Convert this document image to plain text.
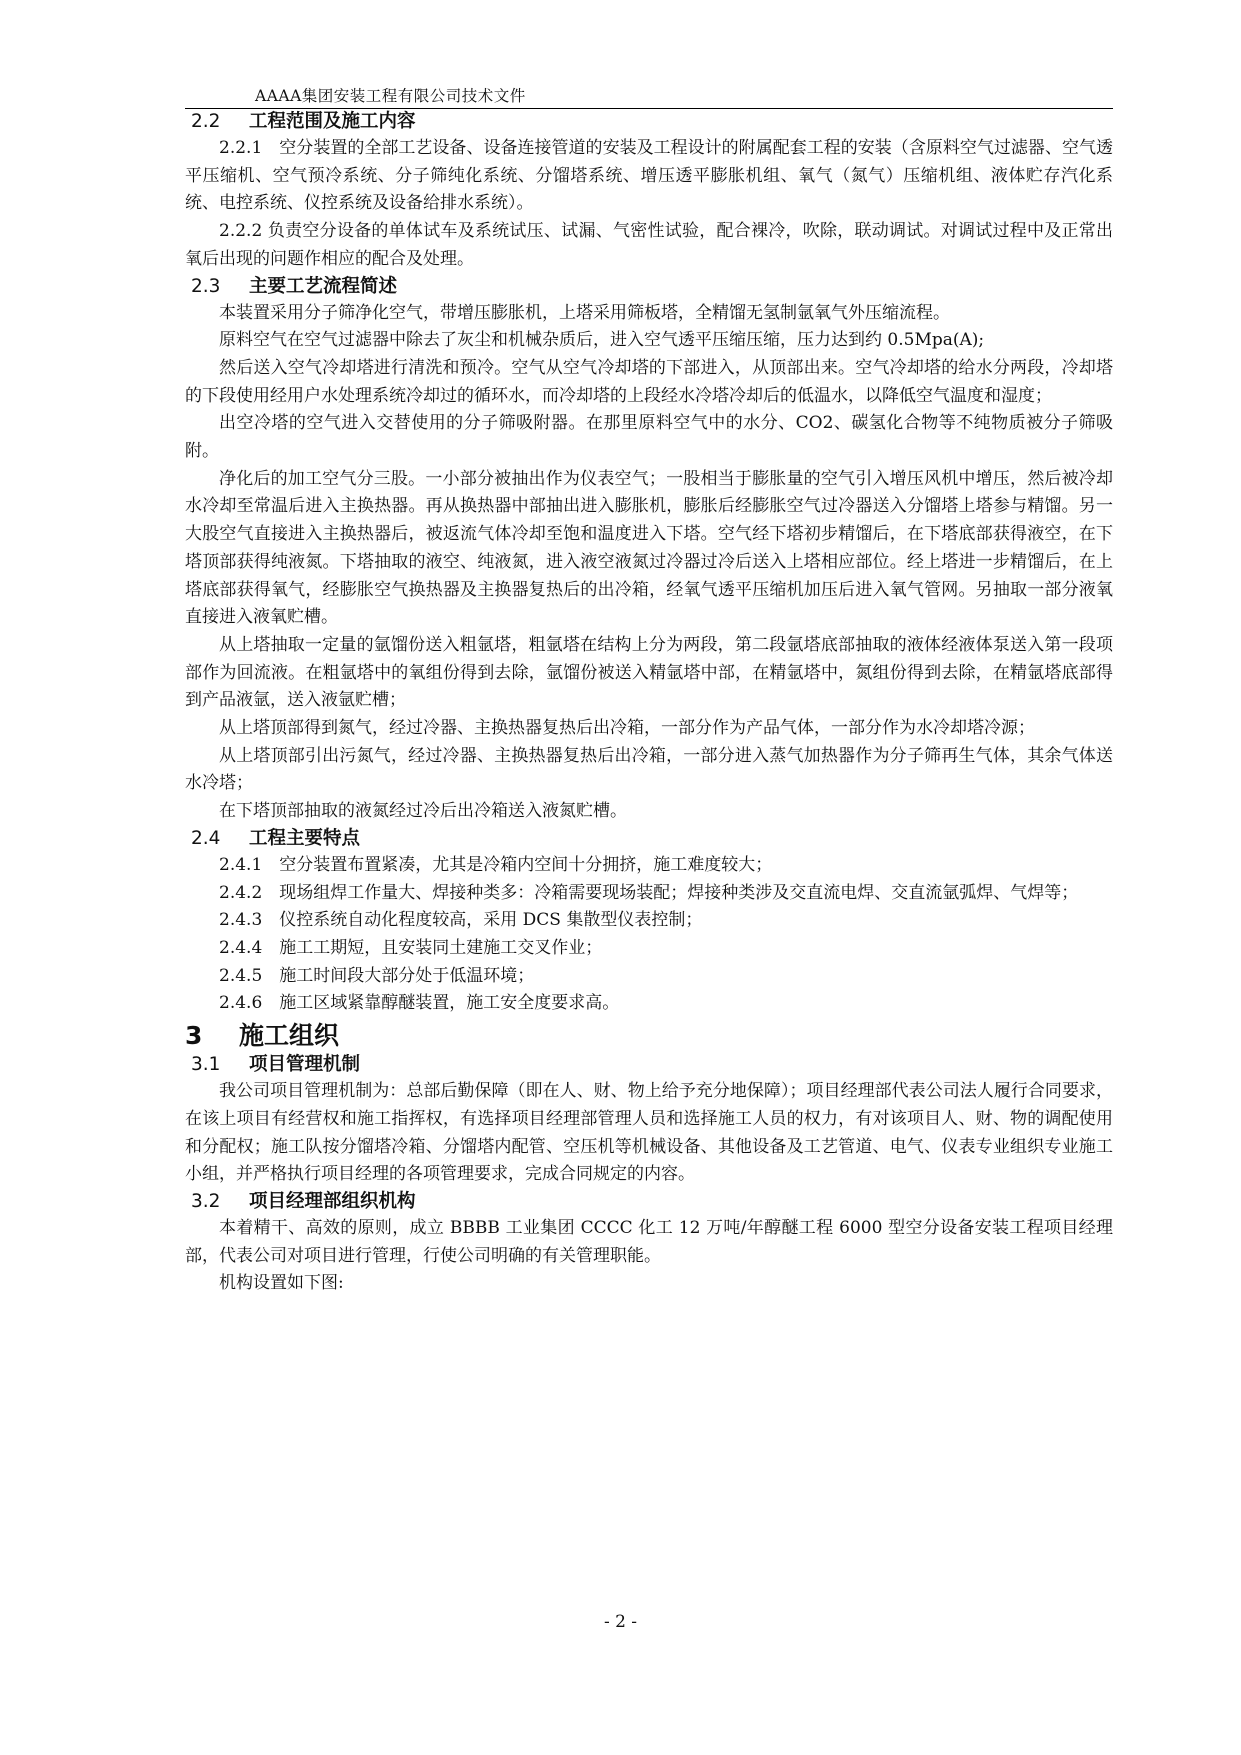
AAAA集团安装工程有限公司技术文件
2.2 工程范围及施工内容

2.2.1　空分装置的全部工艺设备、设备连接管道的安装及工程设计的附属配套工程的安装（含原料空气过滤器、空气透平压缩机、空气预冷系统、分子筛纯化系统、分馏塔系统、增压透平膨胀机组、氧气（氮气）压缩机组、液体贮存汽化系统、电控系统、仪控系统及设备给排水系统）。

2.2.2 负责空分设备的单体试车及系统试压、试漏、气密性试验，配合裸冷，吹除，联动调试。对调试过程中及正常出氧后出现的问题作相应的配合及处理。

2.3 主要工艺流程简述

本装置采用分子筛净化空气，带增压膨胀机，上塔采用筛板塔，全精馏无氢制氩氧气外压缩流程。

原料空气在空气过滤器中除去了灰尘和机械杂质后，进入空气透平压缩压缩，压力达到约 0.5Mpa(A);

然后送入空气冷却塔进行清洗和预冷。空气从空气冷却塔的下部进入，从顶部出来。空气冷却塔的给水分两段，冷却塔的下段使用经用户水处理系统冷却过的循环水，而冷却塔的上段经水冷塔冷却后的低温水，以降低空气温度和湿度；

出空冷塔的空气进入交替使用的分子筛吸附器。在那里原料空气中的水分、CO2、碳氢化合物等不纯物质被分子筛吸附。

净化后的加工空气分三股。一小部分被抽出作为仪表空气；一股相当于膨胀量的空气引入增压风机中增压，然后被冷却水冷却至常温后进入主换热器。再从换热器中部抽出进入膨胀机，膨胀后经膨胀空气过冷器送入分馏塔上塔参与精馏。另一大股空气直接进入主换热器后，被返流气体冷却至饱和温度进入下塔。空气经下塔初步精馏后，在下塔底部获得液空，在下塔顶部获得纯液氮。下塔抽取的液空、纯液氮，进入液空液氮过冷器过冷后送入上塔相应部位。经上塔进一步精馏后，在上塔底部获得氧气，经膨胀空气换热器及主换器复热后的出冷箱，经氧气透平压缩机加压后进入氧气管网。另抽取一部分液氧直接进入液氧贮槽。

从上塔抽取一定量的氩馏份送入粗氩塔，粗氩塔在结构上分为两段，第二段氩塔底部抽取的液体经液体泵送入第一段项部作为回流液。在粗氩塔中的氧组份得到去除，氩馏份被送入精氩塔中部，在精氩塔中，氮组份得到去除，在精氩塔底部得到产品液氩，送入液氩贮槽；

从上塔顶部得到氮气，经过冷器、主换热器复热后出冷箱，一部分作为产品气体，一部分作为水冷却塔冷源；

从上塔顶部引出污氮气，经过冷器、主换热器复热后出冷箱，一部分进入蒸气加热器作为分子筛再生气体，其余气体送水冷塔；

在下塔顶部抽取的液氮经过冷后出冷箱送入液氮贮槽。

2.4 工程主要特点

2.4.1　空分装置布置紧凑，尤其是冷箱内空间十分拥挤，施工难度较大；

2.4.2　现场组焊工作量大、焊接种类多：冷箱需要现场装配；焊接种类涉及交直流电焊、交直流氩弧焊、气焊等；

2.4.3　仪控系统自动化程度较高，采用 DCS 集散型仪表控制；

2.4.4　施工工期短，且安装同土建施工交叉作业；

2.4.5　施工时间段大部分处于低温环境；

2.4.6　施工区域紧靠醇醚装置，施工安全度要求高。

3 施工组织
3.1 项目管理机制

我公司项目管理机制为：总部后勤保障（即在人、财、物上给予充分地保障）；项目经理部代表公司法人履行合同要求，在该上项目有经营权和施工指挥权，有选择项目经理部管理人员和选择施工人员的权力，有对该项目人、财、物的调配使用和分配权；施工队按分馏塔冷箱、分馏塔内配管、空压机等机械设备、其他设备及工艺管道、电气、仪表专业组织专业施工小组，并严格执行项目经理的各项管理要求，完成合同规定的内容。

3.2 项目经理部组织机构

本着精干、高效的原则，成立 BBBB 工业集团 CCCC 化工 12 万吨/年醇醚工程 6000 型空分设备安装工程项目经理部，代表公司对项目进行管理，行使公司明确的有关管理职能。

机构设置如下图:

- 2 -
